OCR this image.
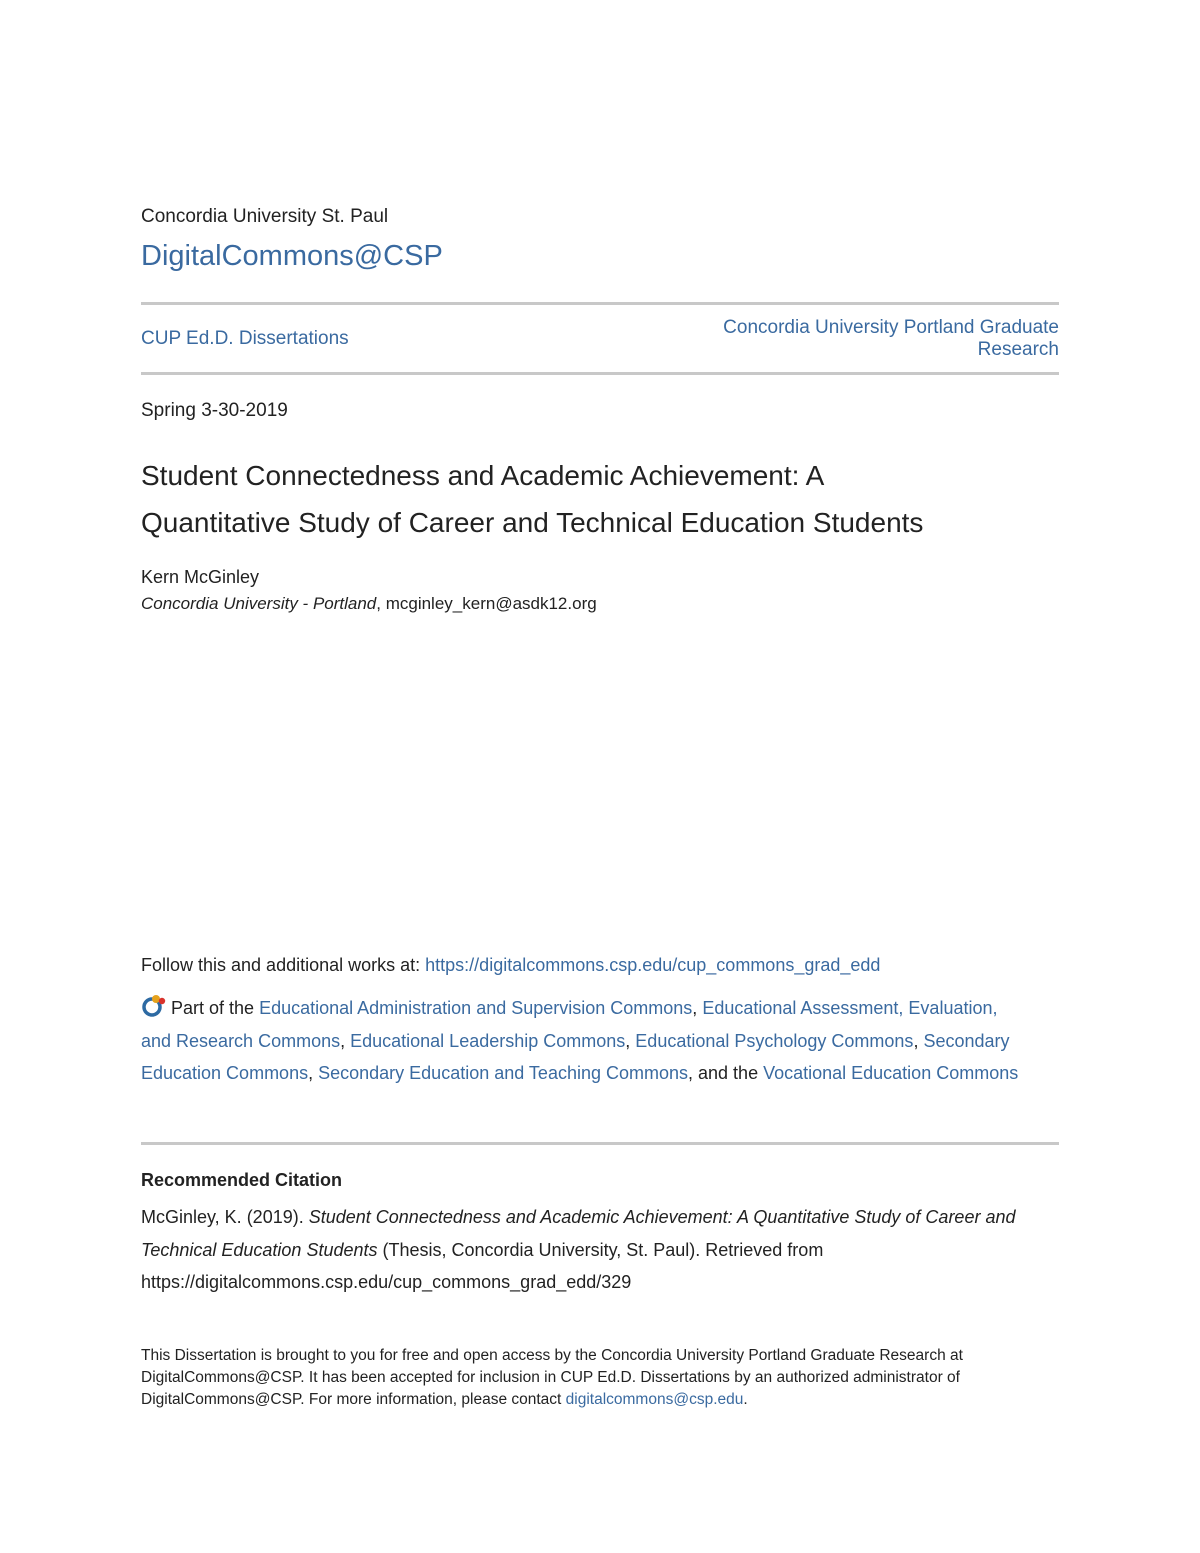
Concordia University St. Paul
DigitalCommons@CSP
CUP Ed.D. Dissertations
Concordia University Portland Graduate
Research
Spring 3-30-2019
Student Connectedness and Academic Achievement: A
Quantitative Study of Career and Technical Education Students
Kern McGinley
Concordia University - Portland, mcginley_kern@asdk12.org
Follow this and additional works at: https://digitalcommons.csp.edu/cup_commons_grad_edd
Part of the Educational Administration and Supervision Commons, Educational Assessment, Evaluation, and Research Commons, Educational Leadership Commons, Educational Psychology Commons, Secondary Education Commons, Secondary Education and Teaching Commons, and the Vocational Education Commons
Recommended Citation
McGinley, K. (2019). Student Connectedness and Academic Achievement: A Quantitative Study of Career and Technical Education Students (Thesis, Concordia University, St. Paul). Retrieved from https://digitalcommons.csp.edu/cup_commons_grad_edd/329
This Dissertation is brought to you for free and open access by the Concordia University Portland Graduate Research at DigitalCommons@CSP. It has been accepted for inclusion in CUP Ed.D. Dissertations by an authorized administrator of DigitalCommons@CSP. For more information, please contact digitalcommons@csp.edu.
